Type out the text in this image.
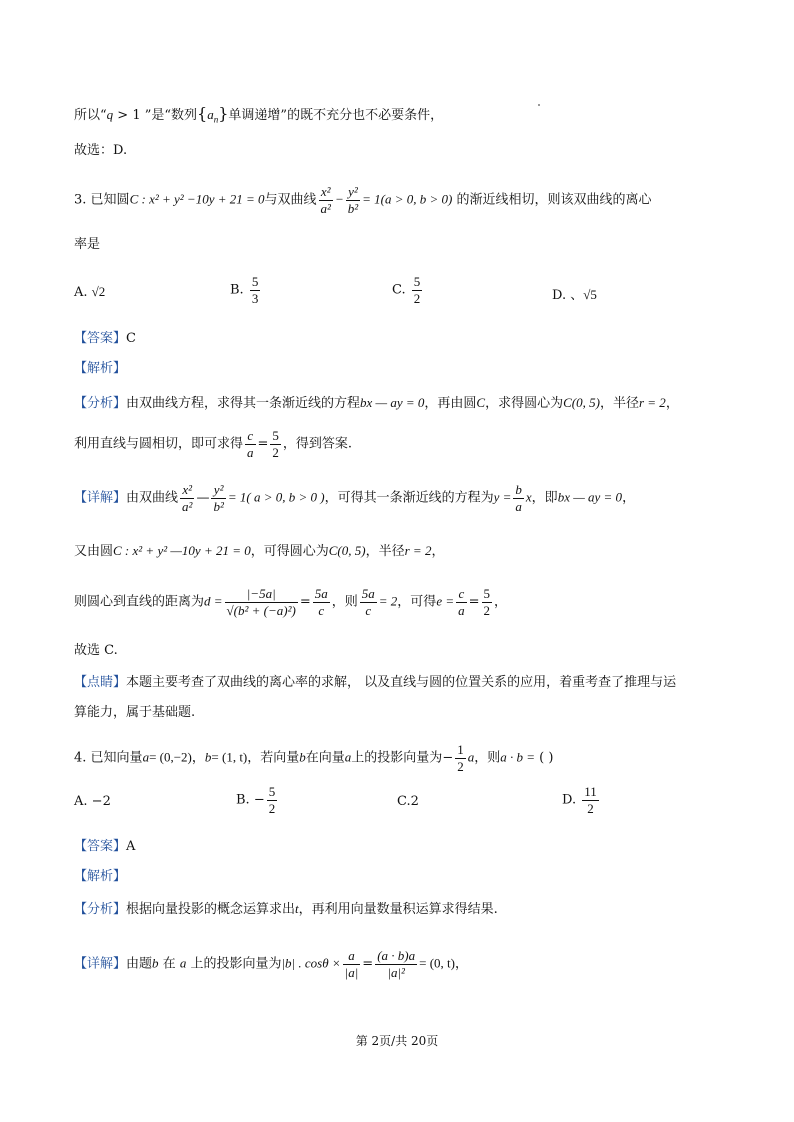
所以“q > 1 ”是“数列$\{a_n\}$单调递增”的既不充分也不必要条件，
故选：D.
3. 已知圆C : x² + y² −10y + 21 = 0与双曲线 $\frac{\text{x²}}{\text{a²}} - \frac{\text{y²}}{\text{b²}} = 1(a > 0$, b > 0) 的渐近线相切，则该双曲线的离心
率是
A. √2	B. $\frac{5}{3}$	C. $\frac{5}{2}$	D. 、√5
【答案】C
【解析】
【分析】由双曲线方程，求得其一条渐近线的方程bx — ay = 0，再由圆C，求得圆心为C(0, 5)，半径r = 2，
利用直线与圆相切，即可求得 $\frac{c}{a} = \frac{5}{2}$ ，得到答案.
【详解】由双曲线 $\frac{\text{x²}}{\text{a²}}$ — $\frac{\text{y²}}{\text{b²}} = 1$( a > 0, b > 0 )，可得其一条渐近线的方程为$y = \frac{b}{a}$ x，即bx — ay = 0，
又由圆C : x² + y² —10y + 21 = 0，可得圆心为C(0, 5)，半径r = 2，
则圆心到直线的距离为$d = \frac{|-5a|}{\text{√(b² + (−a)²)}} = \frac{5a}{c}$ ，则 $\frac{5a}{c} = 2$，可得$e = \frac{c}{a} = \frac{5}{2}$ ，
故选 C.
【点睛】本题主要考查了双曲线的离心率的求解， 以及直线与圆的位置关系的应用，着重考查了推理与运
算能力，属于基础题.
4. 已知向量a= (0,−2)，b= (1, t)，若向量b在向量a上的投影向量为− $\frac{1}{2}$ a，则a · b = ( )
A. −2	B. − $\frac{5}{2}$	C.2	D. $\frac{11}{2}$
【答案】A
【解析】
【分析】根据向量投影的概念运算求出t，再利用向量数量积运算求得结果.
【详解】由题b 在 a 上的投影向量为|b| . $\cos\theta \times \frac{a}{|a|} = \frac{(a \cdot b)a}{\text{|a|²}} = (0$, t)，
第 2页/共 20页
